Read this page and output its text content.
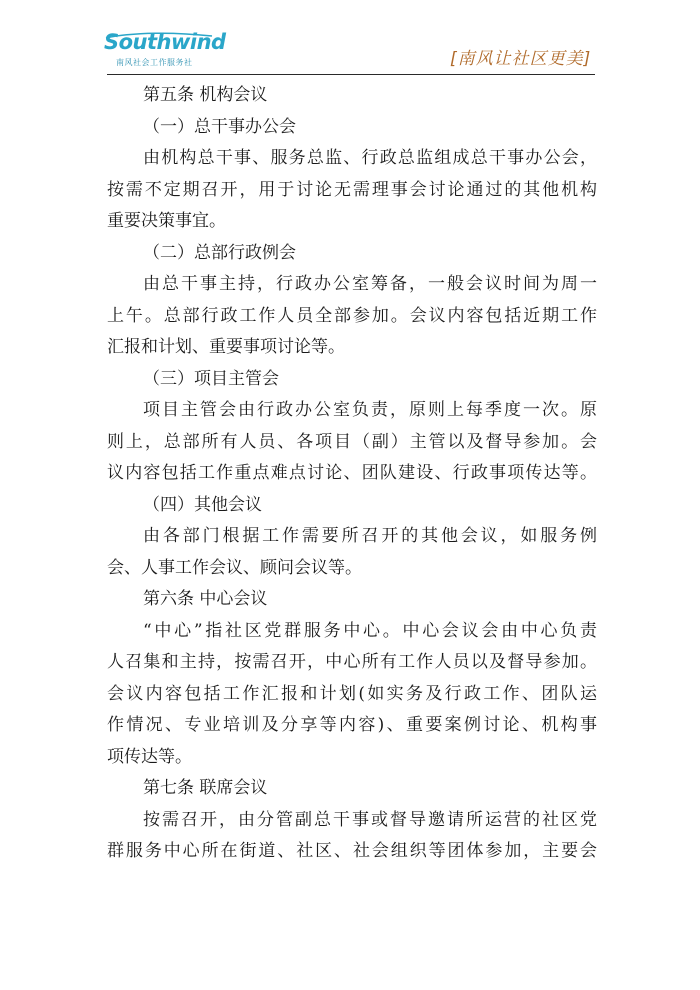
Southwind
南风社会工作服务社	[南风让社区更美]
第五条 机构会议
（一）总干事办公会
由机构总干事、服务总监、行政总监组成总干事办公会，
按需不定期召开，用于讨论无需理事会讨论通过的其他机构
重要决策事宜。
（二）总部行政例会
由总干事主持，行政办公室筹备，一般会议时间为周一
上午。总部行政工作人员全部参加。会议内容包括近期工作
汇报和计划、重要事项讨论等。
（三）项目主管会
项目主管会由行政办公室负责，原则上每季度一次。原
则上，总部所有人员、各项目（副）主管以及督导参加。会
议内容包括工作重点难点讨论、团队建设、行政事项传达等。
（四）其他会议
由各部门根据工作需要所召开的其他会议，如服务例
会、人事工作会议、顾问会议等。
第六条 中心会议
“中心”指社区党群服务中心。中心会议会由中心负责
人召集和主持，按需召开，中心所有工作人员以及督导参加。
会议内容包括工作汇报和计划(如实务及行政工作、团队运
作情况、专业培训及分享等内容)、重要案例讨论、机构事
项传达等。
第七条 联席会议
按需召开，由分管副总干事或督导邀请所运营的社区党
群服务中心所在街道、社区、社会组织等团体参加，主要会
